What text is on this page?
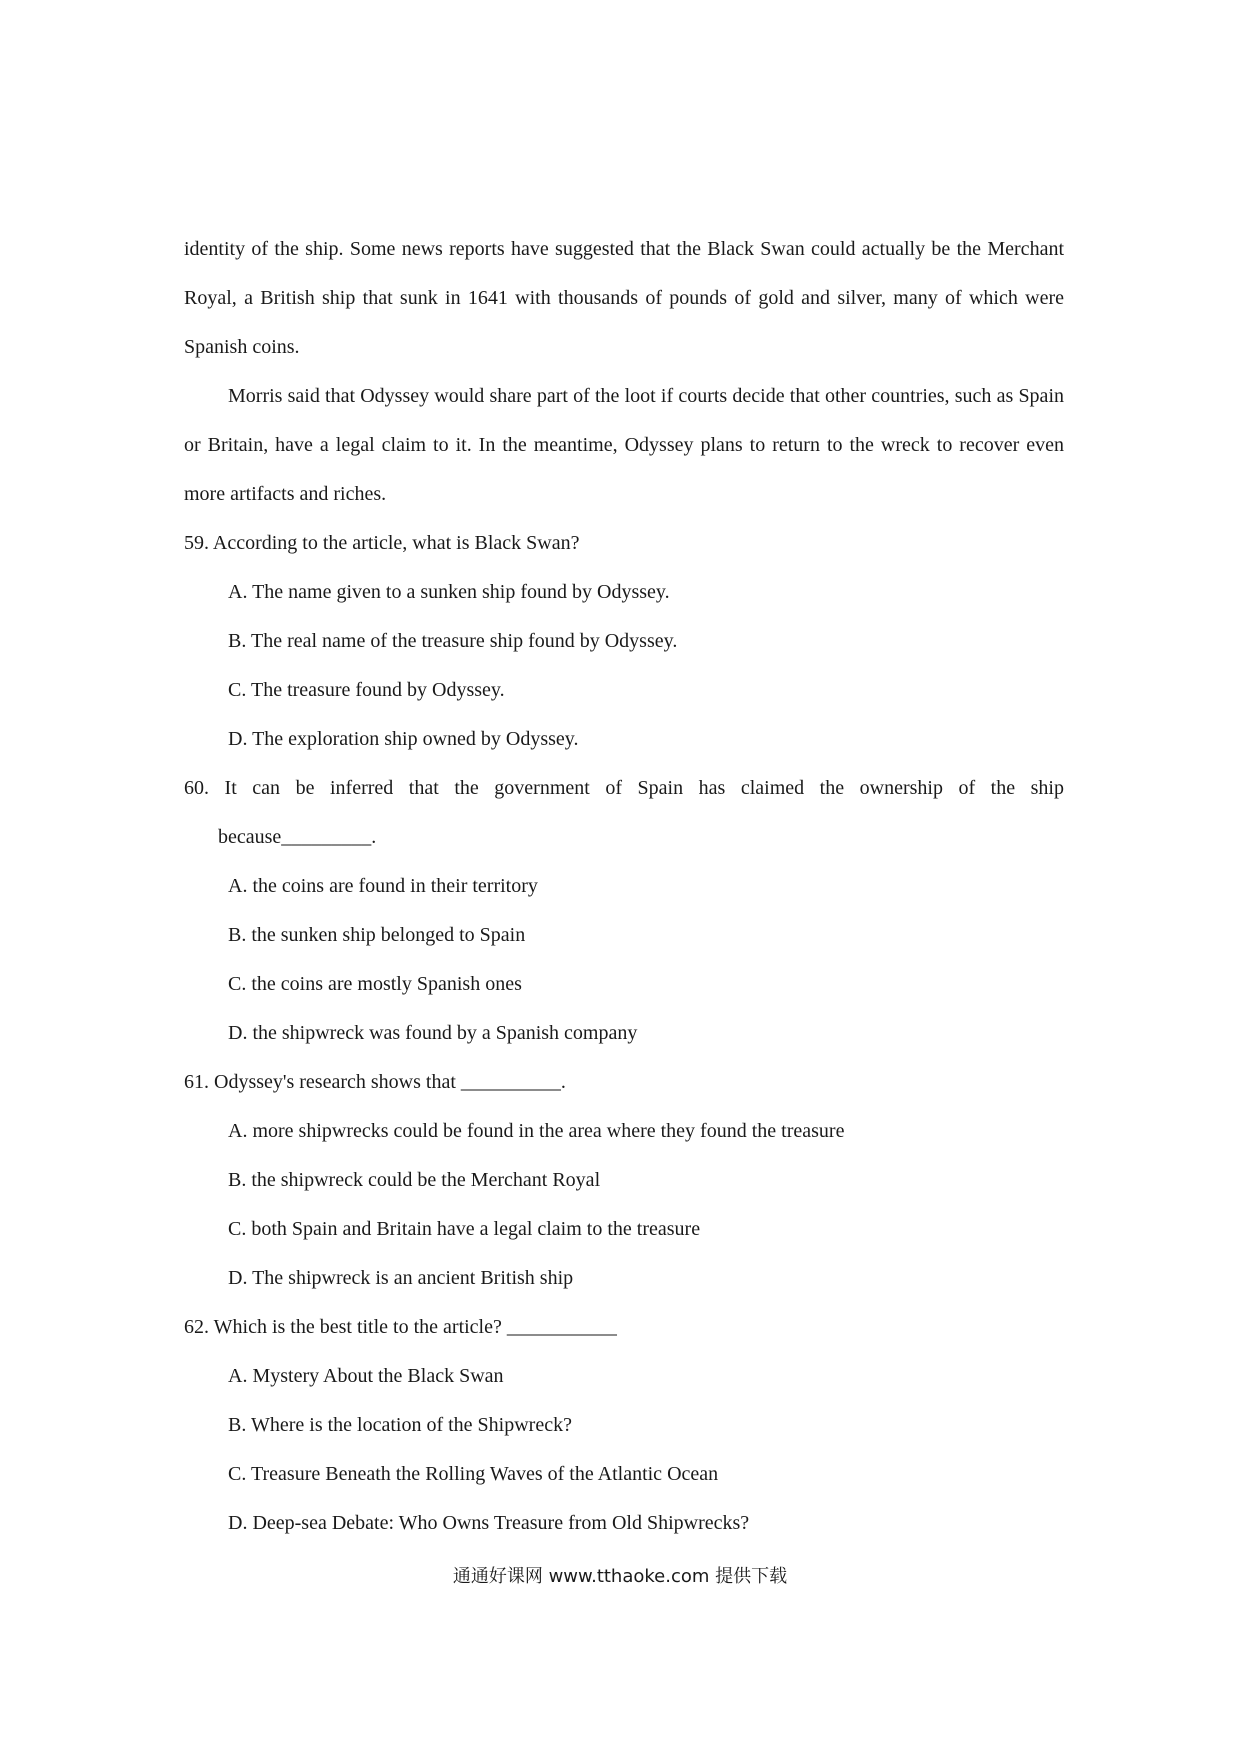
identity of the ship. Some news reports have suggested that the Black Swan could actually be the Merchant Royal, a British ship that sunk in 1641 with thousands of pounds of gold and silver, many of which were Spanish coins.

Morris said that Odyssey would share part of the loot if courts decide that other countries, such as Spain or Britain, have a legal claim to it. In the meantime, Odyssey plans to return to the wreck to recover even more artifacts and riches.

59. According to the article, what is Black Swan?

A. The name given to a sunken ship found by Odyssey.
B. The real name of the treasure ship found by Odyssey.
C. The treasure found by Odyssey.
D. The exploration ship owned by Odyssey.

60. It can be inferred that the government of Spain has claimed the ownership of the ship

because_________.

A. the coins are found in their territory
B. the sunken ship belonged to Spain
C. the coins are mostly Spanish ones
D. the shipwreck was found by a Spanish company

61. Odyssey's research shows that __________.

A. more shipwrecks could be found in the area where they found the treasure
B. the shipwreck could be the Merchant Royal
C. both Spain and Britain have a legal claim to the treasure
D. The shipwreck is an ancient British ship

62. Which is the best title to the article? ___________

A. Mystery About the Black Swan
B. Where is the location of the Shipwreck?
C. Treasure Beneath the Rolling Waves of the Atlantic Ocean
D. Deep-sea Debate: Who Owns Treasure from Old Shipwrecks?
通通好课网 www.tthaoke.com 提供下载
